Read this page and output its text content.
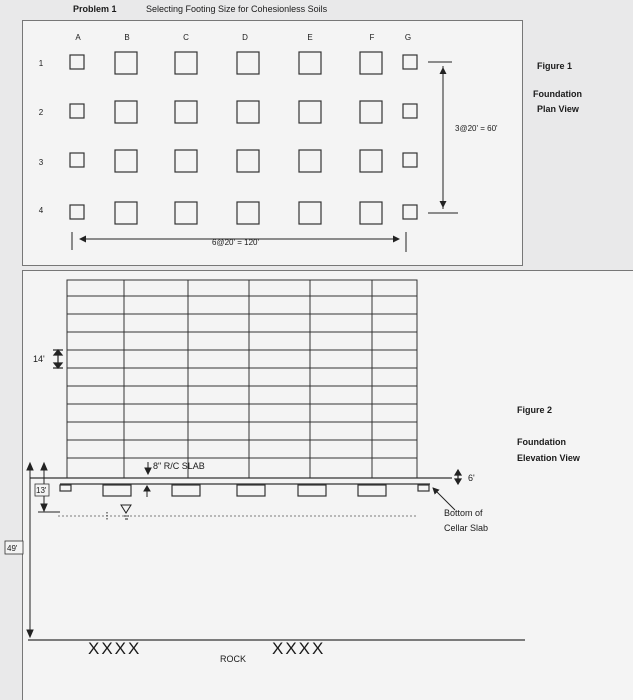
Problem 1	Selecting Footing Size for Cohesionless Soils
Figure 1
Foundation
Plan View
Figure 2
Foundation
Elevation View
A	B	C	D	E	F	G
1
2
3
4
6@20' = 120'
3@20' = 60'
14'
8" R/C SLAB
6'
Bottom of
Cellar Slab
13'
49'
XXXX	XXXX
ROCK
